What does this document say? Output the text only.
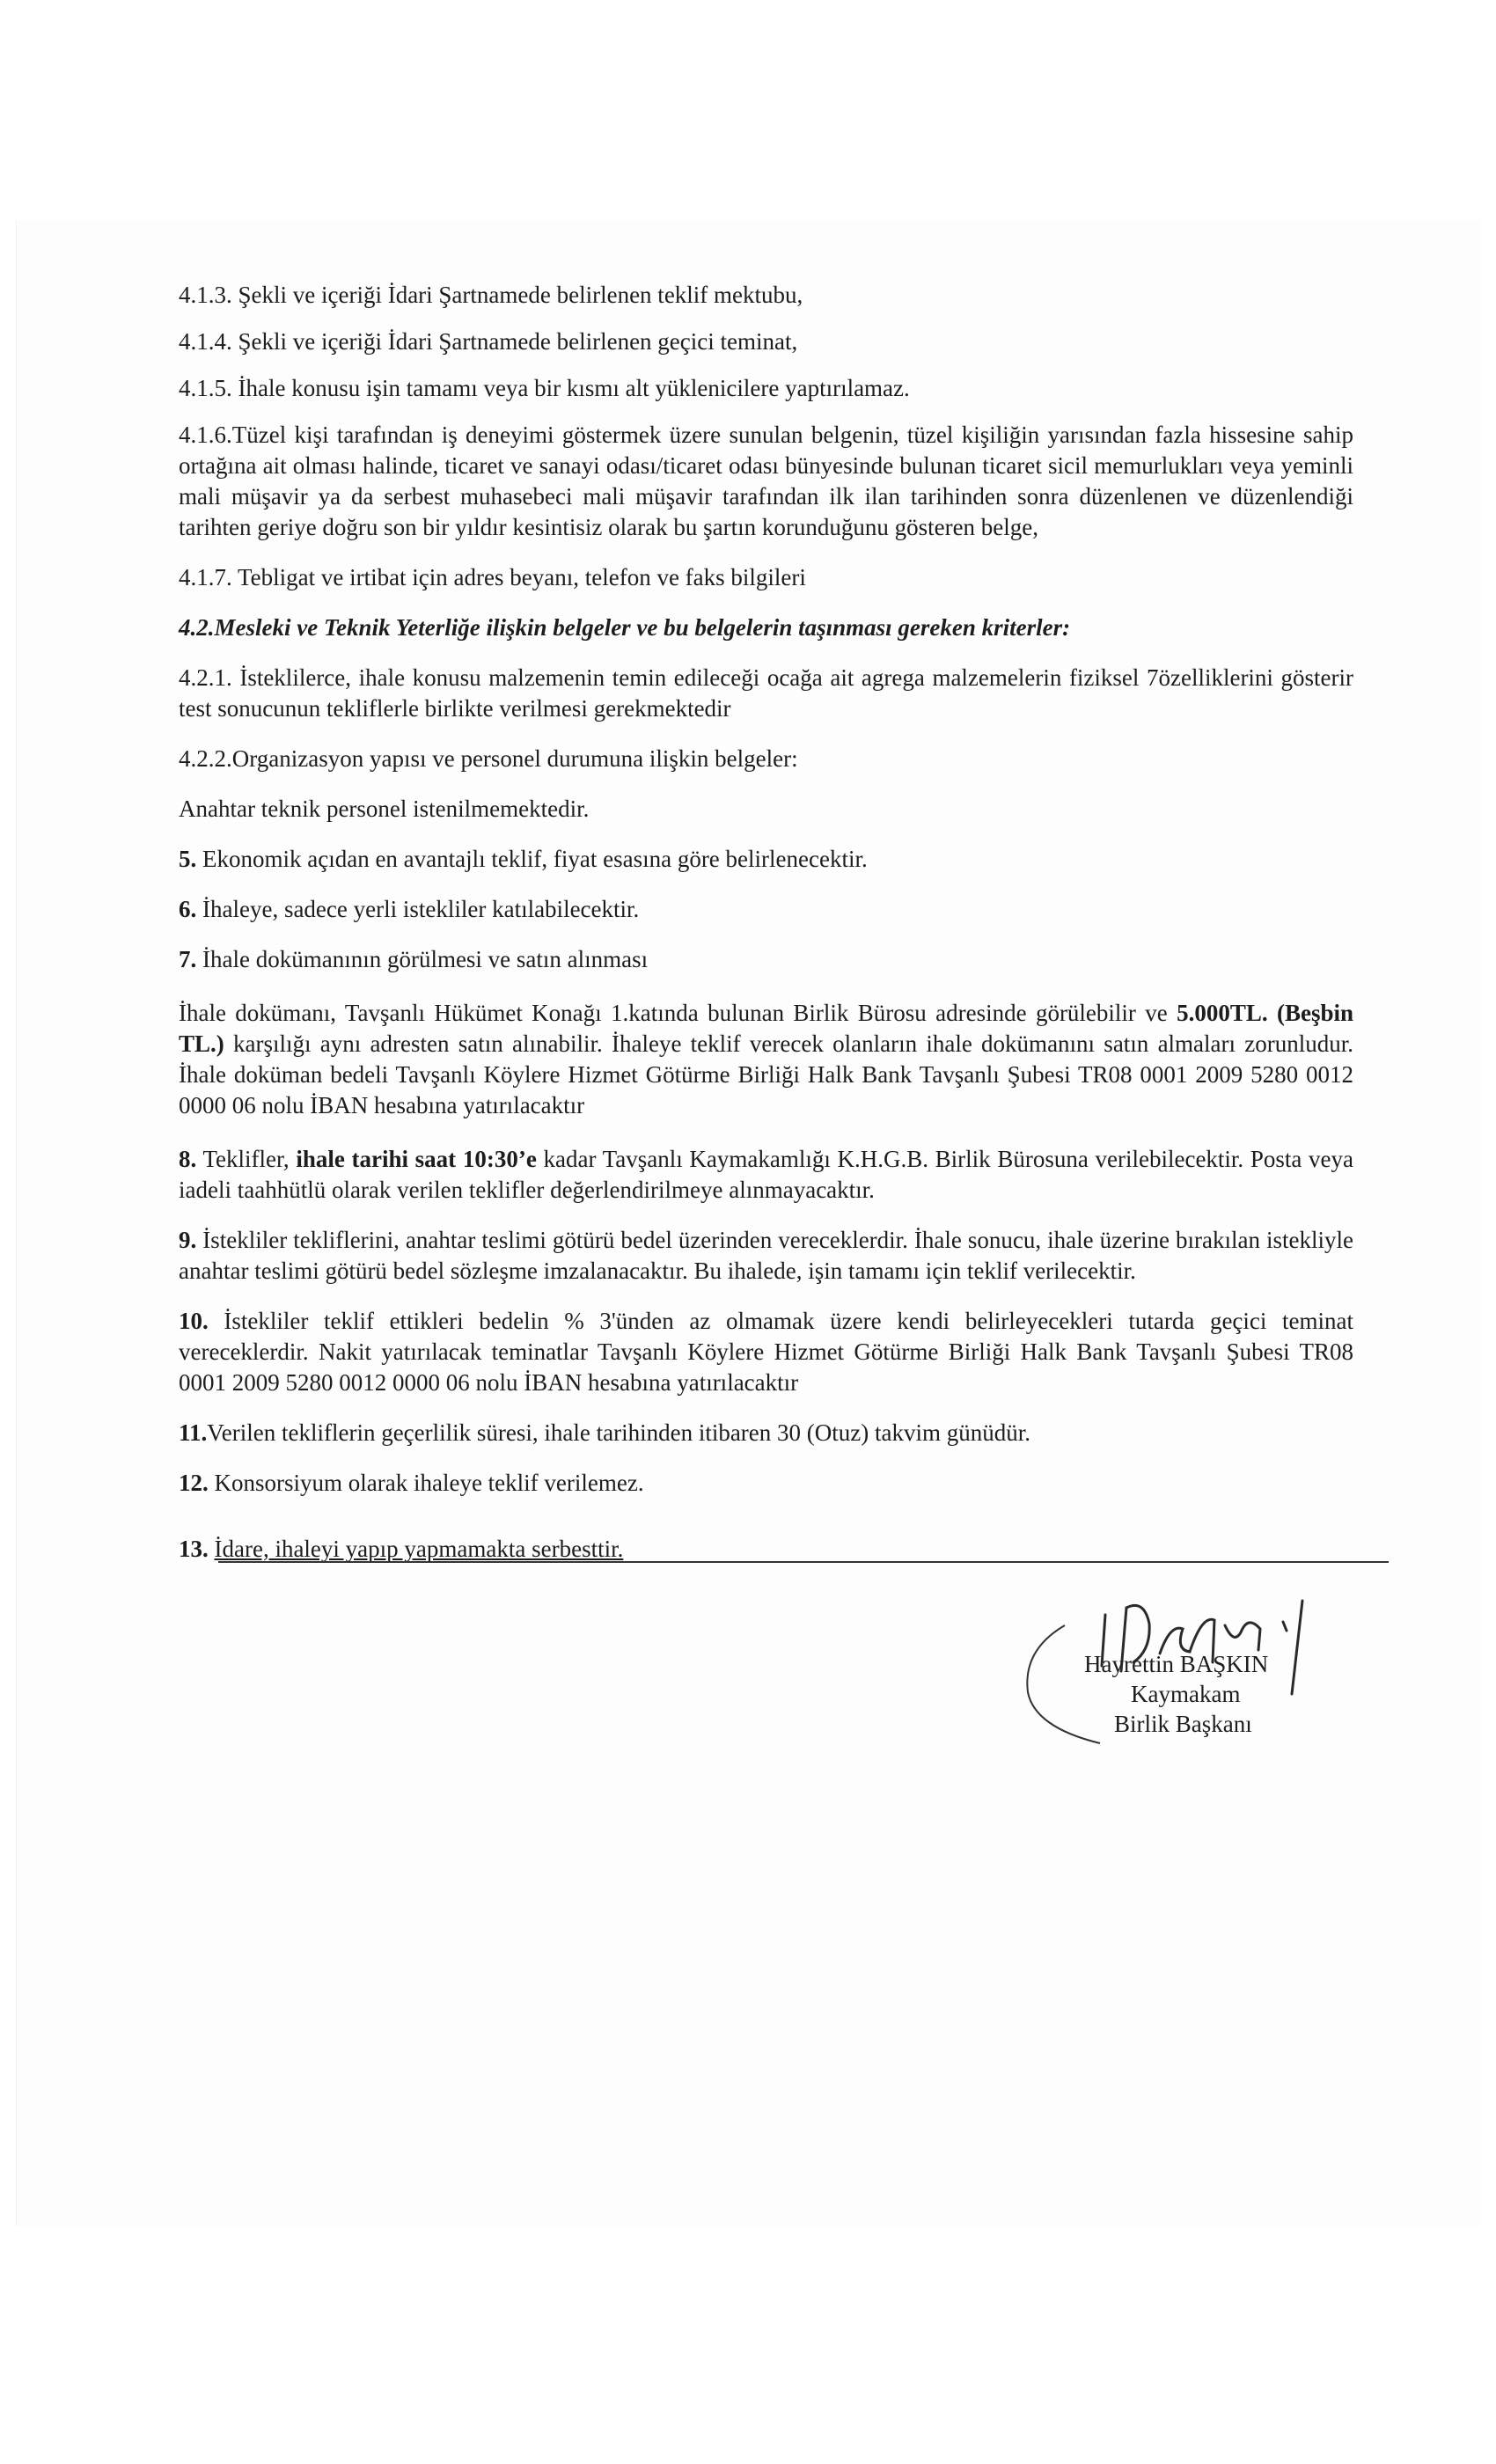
4.1.3. Şekli ve içeriği İdari Şartnamede belirlenen teklif mektubu,

4.1.4. Şekli ve içeriği İdari Şartnamede belirlenen geçici teminat,

4.1.5. İhale konusu işin tamamı veya bir kısmı alt yüklenicilere yaptırılamaz.

4.1.6.Tüzel kişi tarafından iş deneyimi göstermek üzere sunulan belgenin, tüzel kişiliğin yarısından fazla hissesine sahip ortağına ait olması halinde, ticaret ve sanayi odası/ticaret odası bünyesinde bulunan ticaret sicil memurlukları veya yeminli mali müşavir ya da serbest muhasebeci mali müşavir tarafından ilk ilan tarihinden sonra düzenlenen ve düzenlendiği tarihten geriye doğru son bir yıldır kesintisiz olarak bu şartın korunduğunu gösteren belge,

4.1.7. Tebligat ve irtibat için adres beyanı, telefon ve faks bilgileri

4.2.Mesleki ve Teknik Yeterliğe ilişkin belgeler ve bu belgelerin taşınması gereken kriterler:

4.2.1. İsteklilerce, ihale konusu malzemenin temin edileceği ocağa ait agrega malzemelerin fiziksel 7özelliklerini gösterir test sonucunun tekliflerle birlikte verilmesi gerekmektedir

4.2.2.Organizasyon yapısı ve personel durumuna ilişkin belgeler:

Anahtar teknik personel istenilmemektedir.

5. Ekonomik açıdan en avantajlı teklif, fiyat esasına göre belirlenecektir.

6. İhaleye, sadece yerli istekliler katılabilecektir.

7. İhale dokümanının görülmesi ve satın alınması

İhale dokümanı, Tavşanlı Hükümet Konağı 1.katında bulunan Birlik Bürosu adresinde görülebilir ve 5.000TL. (Beşbin TL.) karşılığı aynı adresten satın alınabilir. İhaleye teklif verecek olanların ihale dokümanını satın almaları zorunludur. İhale doküman bedeli Tavşanlı Köylere Hizmet Götürme Birliği Halk Bank Tavşanlı Şubesi TR08 0001 2009 5280 0012 0000 06 nolu İBAN hesabına yatırılacaktır

8. Teklifler, ihale tarihi saat 10:30’e kadar Tavşanlı Kaymakamlığı K.H.G.B. Birlik Bürosuna verilebilecektir. Posta veya iadeli taahhütlü olarak verilen teklifler değerlendirilmeye alınmayacaktır.

9. İstekliler tekliflerini, anahtar teslimi götürü bedel üzerinden vereceklerdir. İhale sonucu, ihale üzerine bırakılan istekliyle anahtar teslimi götürü bedel sözleşme imzalanacaktır. Bu ihalede, işin tamamı için teklif verilecektir.

10. İstekliler teklif ettikleri bedelin % 3'ünden az olmamak üzere kendi belirleyecekleri tutarda geçici teminat vereceklerdir. Nakit yatırılacak teminatlar Tavşanlı Köylere Hizmet Götürme Birliği Halk Bank Tavşanlı Şubesi TR08 0001 2009 5280 0012 0000 06 nolu İBAN hesabına yatırılacaktır

11.Verilen tekliflerin geçerlilik süresi, ihale tarihinden itibaren 30 (Otuz) takvim günüdür.

12. Konsorsiyum olarak ihaleye teklif verilemez.

13. İdare, ihaleyi yapıp yapmamakta serbesttir.

Hayrettin BAŞKIN
Kaymakam
Birlik Başkanı
